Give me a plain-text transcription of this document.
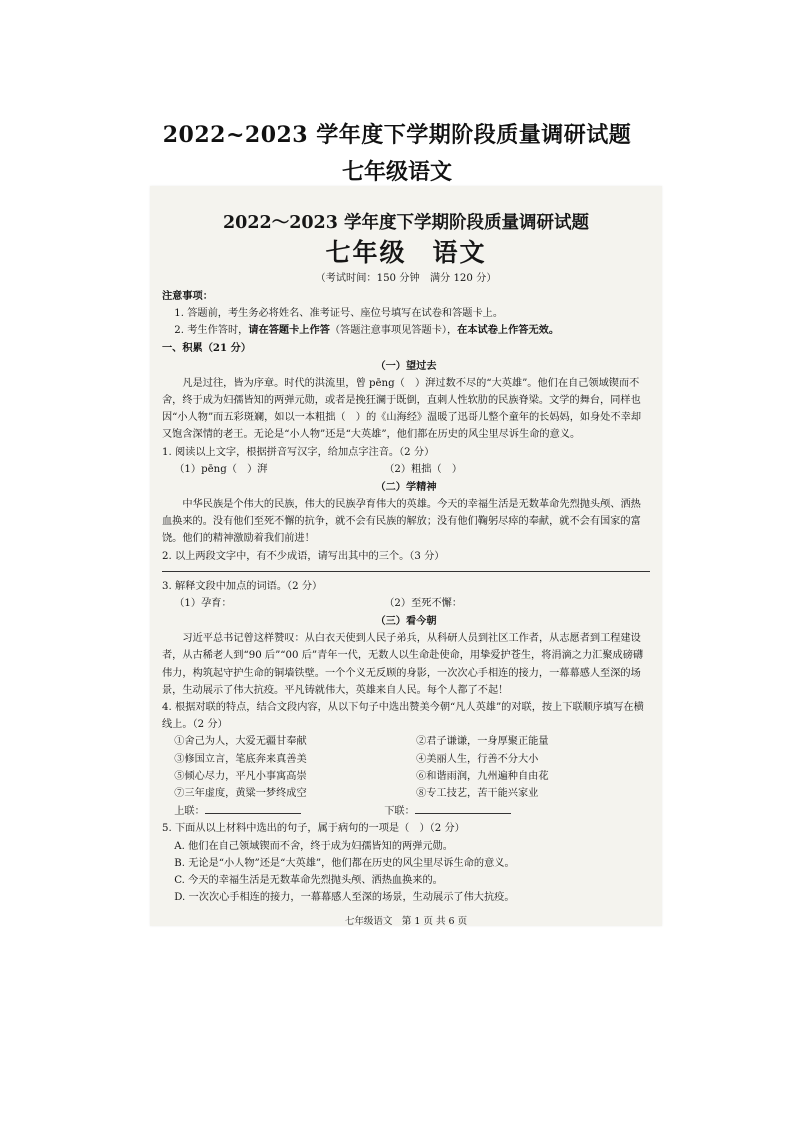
2022~2023 学年度下学期阶段质量调研试题
七年级语文
2022～2023 学年度下学期阶段质量调研试题
七年级 语文
（考试时间：150 分钟　满分 120 分）

注意事项：

1. 答题前，考生务必将姓名、准考证号、座位号填写在试卷和答题卡上。

2. 考生作答时，请在答题卡上作答（答题注意事项见答题卡），在本试卷上作答无效。

一、积累（21 分）

（一）望过去

凡是过往，皆为序章。时代的洪流里，曾 pēng（　）湃过数不尽的“大英雄”。他们在自己领域锲而不舍，终于成为妇孺皆知的两弹元勋，或者是挽狂澜于既倒，直刺人性软肋的民族脊梁。文学的舞台，同样也因“小人物”而五彩斑斓，如以一本粗拙（　）的《山海经》温暖了迅哥儿整个童年的长妈妈，如身处不幸却又饱含深情的老王。无论是“小人物”还是“大英雄”，他们都在历史的风尘里尽诉生命的意义。

1. 阅读以上文字，根据拼音写汉字，给加点字注音。（2 分）

（1）pēng（　）湃	（2）粗拙（　）
（二）学精神

中华民族是个伟大的民族，伟大的民族孕育伟大的英雄。今天的幸福生活是无数革命先烈抛头颅、洒热血换来的。没有他们至死不懈的抗争，就不会有民族的解放；没有他们鞠躬尽瘁的奉献，就不会有国家的富饶。他们的精神激励着我们前进！

2. 以上两段文字中，有不少成语，请写出其中的三个。（3 分）

3. 解释文段中加点的词语。（2 分）

（1）孕育：	（2）至死不懈：
（三）看今朝

习近平总书记曾这样赞叹：从白衣天使到人民子弟兵，从科研人员到社区工作者，从志愿者到工程建设者，从古稀老人到“90 后”“00 后”青年一代，无数人以生命赴使命，用挚爱护苍生，将涓滴之力汇聚成磅礴伟力，构筑起守护生命的铜墙铁壁。一个个义无反顾的身影，一次次心手相连的接力，一幕幕感人至深的场景，生动展示了伟大抗疫。平凡铸就伟大，英雄来自人民。每个人都了不起！

4. 根据对联的特点，结合文段内容，从以下句子中选出赞美今朝“凡人英雄”的对联，按上下联顺序填写在横线上。（2 分）

①舍己为人，大爱无疆甘奉献	②君子谦谦，一身厚聚正能量
③修国立言，笔底奔来真善美	④美丽人生，行善不分大小
⑤倾心尽力，平凡小事寓高崇	⑥和谐雨润，九州遍种自由花
⑦三年虚度，黄粱一梦终成空	⑧专工技艺，苦干能兴家业
上联：	下联：

5. 下面从以上材料中选出的句子，属于病句的一项是（　）（2 分）

A. 他们在自己领域锲而不舍，终于成为妇孺皆知的两弹元勋。

B. 无论是“小人物”还是“大英雄”，他们都在历史的风尘里尽诉生命的意义。

C. 今天的幸福生活是无数革命先烈抛头颅、洒热血换来的。

D. 一次次心手相连的接力，一幕幕感人至深的场景，生动展示了伟大抗疫。

七年级语文　第 1 页 共 6 页
